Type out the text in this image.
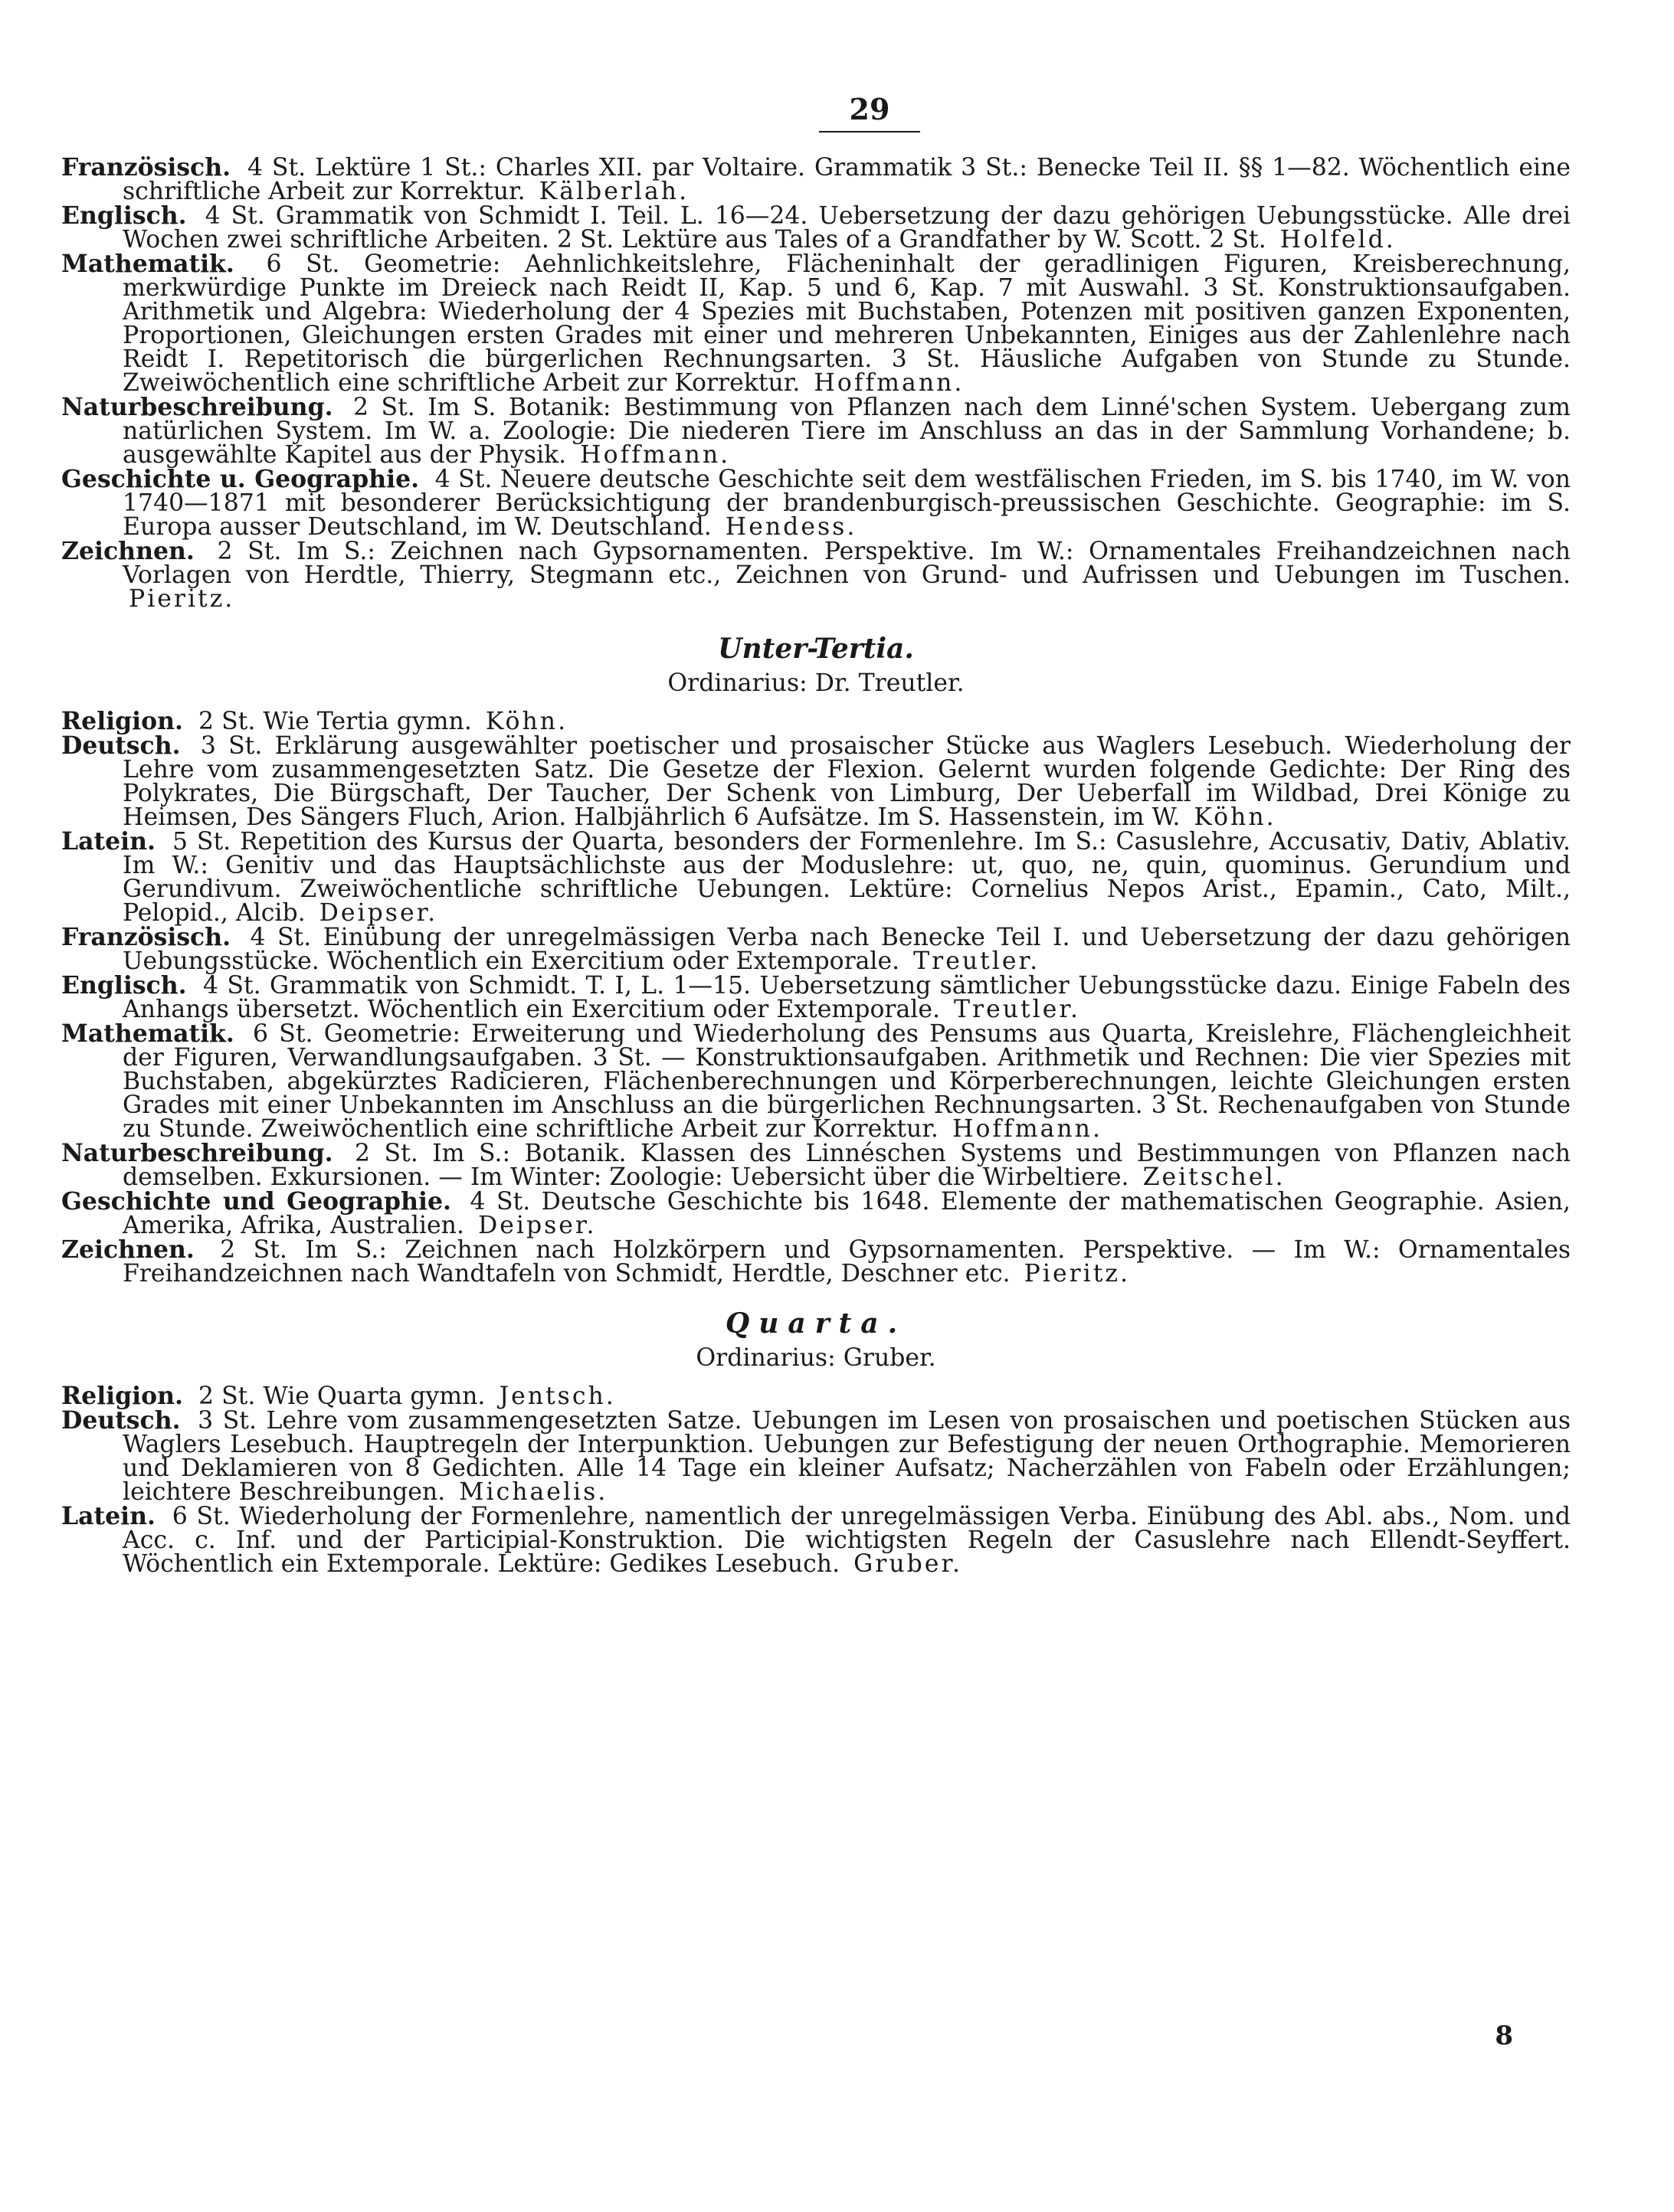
29

Französisch. 4 St. Lektüre 1 St.: Charles XII. par Voltaire. Grammatik 3 St.: Benecke Teil II. §§ 1—82. Wöchentlich eine schriftliche Arbeit zur Korrektur. Kälberlah.

Englisch. 4 St. Grammatik von Schmidt I. Teil. L. 16—24. Uebersetzung der dazu gehörigen Uebungsstücke. Alle drei Wochen zwei schriftliche Arbeiten. 2 St. Lektüre aus Tales of a Grandfather by W. Scott. 2 St. Holfeld.

Mathematik. 6 St. Geometrie: Aehnlichkeitslehre, Flächeninhalt der geradlinigen Figuren, Kreisberechnung, merkwürdige Punkte im Dreieck nach Reidt II, Kap. 5 und 6, Kap. 7 mit Auswahl. 3 St. Konstruktionsaufgaben. Arithmetik und Algebra: Wiederholung der 4 Spezies mit Buchstaben, Potenzen mit positiven ganzen Exponenten, Proportionen, Gleichungen ersten Grades mit einer und mehreren Unbekannten, Einiges aus der Zahlenlehre nach Reidt I. Repetitorisch die bürgerlichen Rechnungsarten. 3 St. Häusliche Aufgaben von Stunde zu Stunde. Zweiwöchentlich eine schriftliche Arbeit zur Korrektur. Hoffmann.

Naturbeschreibung. 2 St. Im S. Botanik: Bestimmung von Pflanzen nach dem Linné'schen System. Uebergang zum natürlichen System. Im W. a. Zoologie: Die niederen Tiere im Anschluss an das in der Sammlung Vorhandene; b. ausgewählte Kapitel aus der Physik. Hoffmann.

Geschichte u. Geographie. 4 St. Neuere deutsche Geschichte seit dem westfälischen Frieden, im S. bis 1740, im W. von 1740—1871 mit besonderer Berücksichtigung der brandenburgisch-preussischen Geschichte. Geographie: im S. Europa ausser Deutschland, im W. Deutschland. Hendess.

Zeichnen. 2 St. Im S.: Zeichnen nach Gypsornamenten. Perspektive. Im W.: Ornamentales Freihandzeichnen nach Vorlagen von Herdtle, Thierry, Stegmann etc., Zeichnen von Grund- und Aufrissen und Uebungen im Tuschen. Pieritz.

Unter-Tertia.
Ordinarius: Dr. Treutler.

Religion. 2 St. Wie Tertia gymn. Köhn.

Deutsch. 3 St. Erklärung ausgewählter poetischer und prosaischer Stücke aus Waglers Lesebuch. Wiederholung der Lehre vom zusammengesetzten Satz. Die Gesetze der Flexion. Gelernt wurden folgende Gedichte: Der Ring des Polykrates, Die Bürgschaft, Der Taucher, Der Schenk von Limburg, Der Ueberfall im Wildbad, Drei Könige zu Heimsen, Des Sängers Fluch, Arion. Halbjährlich 6 Aufsätze. Im S. Hassenstein, im W. Köhn.

Latein. 5 St. Repetition des Kursus der Quarta, besonders der Formenlehre. Im S.: Casuslehre, Accusativ, Dativ, Ablativ. Im W.: Genitiv und das Hauptsächlichste aus der Moduslehre: ut, quo, ne, quin, quominus. Gerundium und Gerundivum. Zweiwöchentliche schriftliche Uebungen. Lektüre: Cornelius Nepos Arist., Epamin., Cato, Milt., Pelopid., Alcib. Deipser.

Französisch. 4 St. Einübung der unregelmässigen Verba nach Benecke Teil I. und Uebersetzung der dazu gehörigen Uebungsstücke. Wöchentlich ein Exercitium oder Extemporale. Treutler.

Englisch. 4 St. Grammatik von Schmidt. T. I, L. 1—15. Uebersetzung sämtlicher Uebungsstücke dazu. Einige Fabeln des Anhangs übersetzt. Wöchentlich ein Exercitium oder Extemporale. Treutler.

Mathematik. 6 St. Geometrie: Erweiterung und Wiederholung des Pensums aus Quarta, Kreislehre, Flächengleichheit der Figuren, Verwandlungsaufgaben. 3 St. — Konstruktionsaufgaben. Arithmetik und Rechnen: Die vier Spezies mit Buchstaben, abgekürztes Radicieren, Flächenberechnungen und Körperberechnungen, leichte Gleichungen ersten Grades mit einer Unbekannten im Anschluss an die bürgerlichen Rechnungsarten. 3 St. Rechenaufgaben von Stunde zu Stunde. Zweiwöchentlich eine schriftliche Arbeit zur Korrektur. Hoffmann.

Naturbeschreibung. 2 St. Im S.: Botanik. Klassen des Linnéschen Systems und Bestimmungen von Pflanzen nach demselben. Exkursionen. — Im Winter: Zoologie: Uebersicht über die Wirbeltiere. Zeitschel.

Geschichte und Geographie. 4 St. Deutsche Geschichte bis 1648. Elemente der mathematischen Geographie. Asien, Amerika, Afrika, Australien. Deipser.

Zeichnen. 2 St. Im S.: Zeichnen nach Holzkörpern und Gypsornamenten. Perspektive. — Im W.: Ornamentales Freihandzeichnen nach Wandtafeln von Schmidt, Herdtle, Deschner etc. Pieritz.

Quarta.
Ordinarius: Gruber.

Religion. 2 St. Wie Quarta gymn. Jentsch.

Deutsch. 3 St. Lehre vom zusammengesetzten Satze. Uebungen im Lesen von prosaischen und poetischen Stücken aus Waglers Lesebuch. Hauptregeln der Interpunktion. Uebungen zur Befestigung der neuen Orthographie. Memorieren und Deklamieren von 8 Gedichten. Alle 14 Tage ein kleiner Aufsatz; Nacherzählen von Fabeln oder Erzählungen; leichtere Beschreibungen. Michaelis.

Latein. 6 St. Wiederholung der Formenlehre, namentlich der unregelmässigen Verba. Einübung des Abl. abs., Nom. und Acc. c. Inf. und der Participial-Konstruktion. Die wichtigsten Regeln der Casuslehre nach Ellendt-Seyffert. Wöchentlich ein Extemporale. Lektüre: Gedikes Lesebuch. Gruber.

8
